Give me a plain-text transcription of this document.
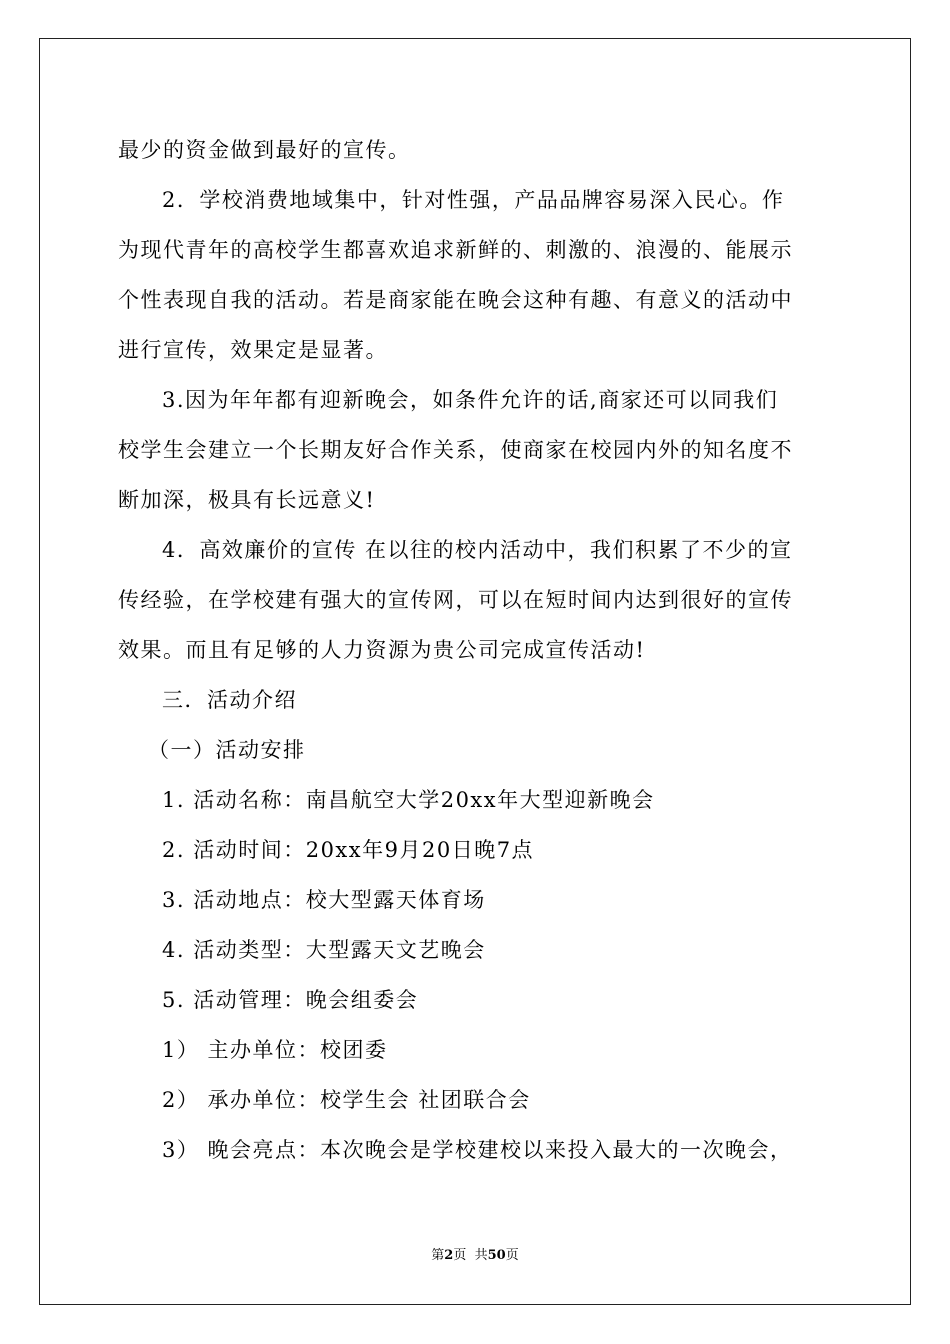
最少的资金做到最好的宣传。
2．学校消费地域集中，针对性强，产品品牌容易深入民心。作
为现代青年的高校学生都喜欢追求新鲜的、刺激的、浪漫的、能展示
个性表现自我的活动。若是商家能在晚会这种有趣、有意义的活动中
进行宣传，效果定是显著。
3.因为年年都有迎新晚会，如条件允许的话,商家还可以同我们
校学生会建立一个长期友好合作关系，使商家在校园内外的知名度不
断加深，极具有长远意义!
4．高效廉价的宣传 在以往的校内活动中，我们积累了不少的宣
传经验，在学校建有强大的宣传网，可以在短时间内达到很好的宣传
效果。而且有足够的人力资源为贵公司完成宣传活动!
三．活动介绍
（一）活动安排
1. 活动名称：南昌航空大学20xx年大型迎新晚会
2. 活动时间：20xx年9月20日晚7点
3. 活动地点：校大型露天体育场
4. 活动类型：大型露天文艺晚会
5. 活动管理：晚会组委会
1） 主办单位：校团委
2） 承办单位：校学生会 社团联合会
3） 晚会亮点：本次晚会是学校建校以来投入最大的一次晚会，
第2页  共50页
